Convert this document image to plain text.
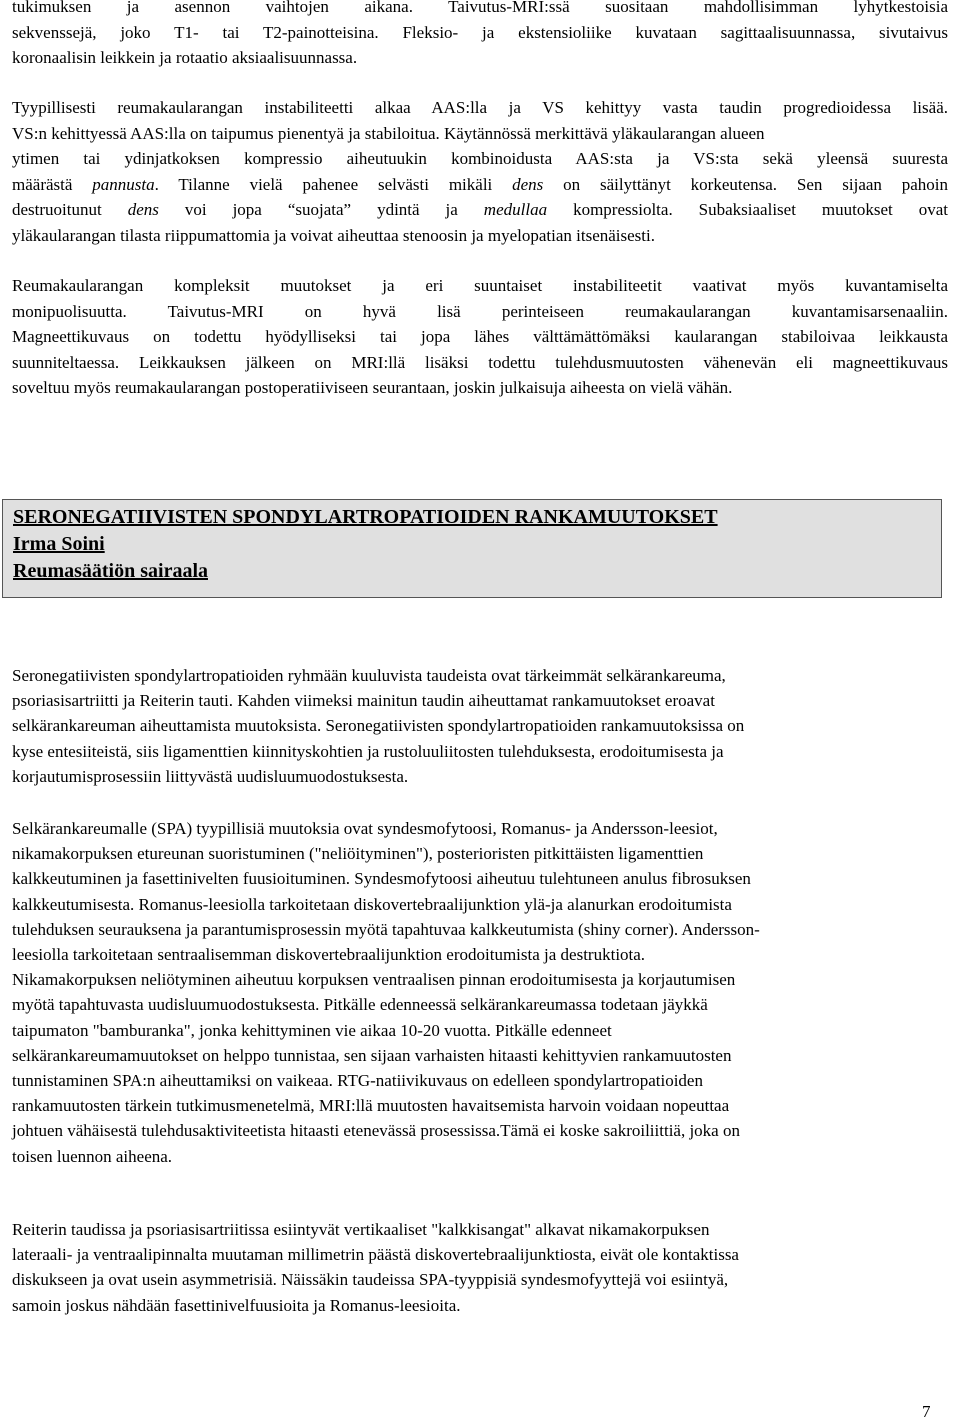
tukimuksen ja asennon vaihtojen aikana. Taivutus-MRI:ssä suositaan mahdollisimman lyhytkestoisia
sekvenssejä, joko T1- tai T2-painotteisina. Fleksio- ja ekstensioliike kuvataan sagittaalisuunnassa, sivutaivus
koronaalisin leikkein ja rotaatio aksiaalisuunnassa.
Tyypillisesti reumakaularangan instabiliteetti alkaa AAS:lla ja VS kehittyy vasta taudin progredioidessa lisää.
VS:n kehittyessä AAS:lla on taipumus pienentyä ja stabiloitua. Käytännössä merkittävä yläkaularangan alueen
ytimen tai ydinjatkoksen kompressio aiheutuukin kombinoidusta AAS:sta ja VS:sta sekä yleensä suuresta
määrästä pannusta. Tilanne vielä pahenee selvästi mikäli dens on säilyttänyt korkeutensa. Sen sijaan pahoin
destruoitunut dens voi jopa “suojata” ydintä ja medullaa kompressiolta. Subaksiaaliset muutokset ovat
yläkaularangan tilasta riippumattomia ja voivat aiheuttaa stenoosin ja myelopatian itsenäisesti.
Reumakaularangan kompleksit muutokset ja eri suuntaiset instabiliteetit vaativat myös kuvantamiselta
monipuolisuutta. Taivutus-MRI on hyvä lisä perinteiseen reumakaularangan kuvantamisarsenaaliin.
Magneettikuvaus on todettu hyödylliseksi tai jopa lähes välttämättömäksi kaularangan stabiloivaa leikkausta
suunniteltaessa. Leikkauksen jälkeen on MRI:llä lisäksi todettu tulehdusmuutosten vähenevän eli magneettikuvaus
soveltuu myös reumakaularangan postoperatiiviseen seurantaan, joskin julkaisuja aiheesta on vielä vähän.
SERONEGATIIVISTEN SPONDYLARTROPATIOIDEN RANKAMUUTOKSET
Irma Soini
Reumasäätiön sairaala
Seronegatiivisten spondylartropatioiden ryhmään kuuluvista taudeista ovat tärkeimmät selkärankareuma,
psoriasisartriitti ja Reiterin tauti. Kahden viimeksi mainitun taudin aiheuttamat rankamuutokset eroavat
selkärankareuman aiheuttamista muutoksista. Seronegatiivisten spondylartropatioiden rankamuutoksissa on
kyse entesiiteistä, siis ligamenttien kiinnityskohtien ja rustoluuliitosten tulehduksesta, erodoitumisesta ja
korjautumisprosessiin liittyvästä uudisluumuodostuksesta.
Selkärankareumalle (SPA) tyypillisiä muutoksia ovat syndesmofytoosi, Romanus- ja Andersson-leesiot,
nikamakorpuksen etureunan suoristuminen ("neliöityminen"), posterioristen pitkittäisten ligamenttien
kalkkeutuminen ja fasettinivelten fuusioituminen. Syndesmofytoosi aiheutuu tulehtuneen anulus fibrosuksen
kalkkeutumisesta. Romanus-leesiolla tarkoitetaan diskovertebraalijunktion ylä-ja alanurkan erodoitumista
tulehduksen seurauksena ja parantumisprosessin myötä tapahtuvaa kalkkeutumista (shiny corner). Andersson-
leesiolla tarkoitetaan sentraalisemman diskovertebraalijunktion erodoitumista ja destruktiota.
Nikamakorpuksen neliötyminen aiheutuu korpuksen ventraalisen pinnan erodoitumisesta ja korjautumisen
myötä tapahtuvasta uudisluumuodostuksesta. Pitkälle edenneessä selkärankareumassa todetaan jäykkä
taipumaton "bamburanka", jonka kehittyminen vie aikaa 10-20 vuotta. Pitkälle edenneet
selkärankareumamuutokset on helppo tunnistaa, sen sijaan varhaisten hitaasti kehittyvien rankamuutosten
tunnistaminen SPA:n aiheuttamiksi on vaikeaa. RTG-natiivikuvaus on edelleen spondylartropatioiden
rankamuutosten tärkein tutkimusmenetelmä, MRI:llä muutosten havaitsemista harvoin voidaan nopeuttaa
johtuen vähäisestä tulehdusaktiviteetista hitaasti etenevässä prosessissa.Tämä ei koske sakroiliittiä, joka on
toisen luennon aiheena.
Reiterin taudissa ja psoriasisartriitissa esiintyvät vertikaaliset "kalkkisangat" alkavat nikamakorpuksen
lateraali- ja ventraalipinnalta muutaman millimetrin päästä diskovertebraalijunktiosta, eivät ole kontaktissa
diskukseen ja ovat usein asymmetrisiä. Näissäkin taudeissa SPA-tyyppisiä syndesmofyyttejä voi esiintyä,
samoin joskus nähdään fasettinivelfuusioita ja Romanus-leesioita.
7
